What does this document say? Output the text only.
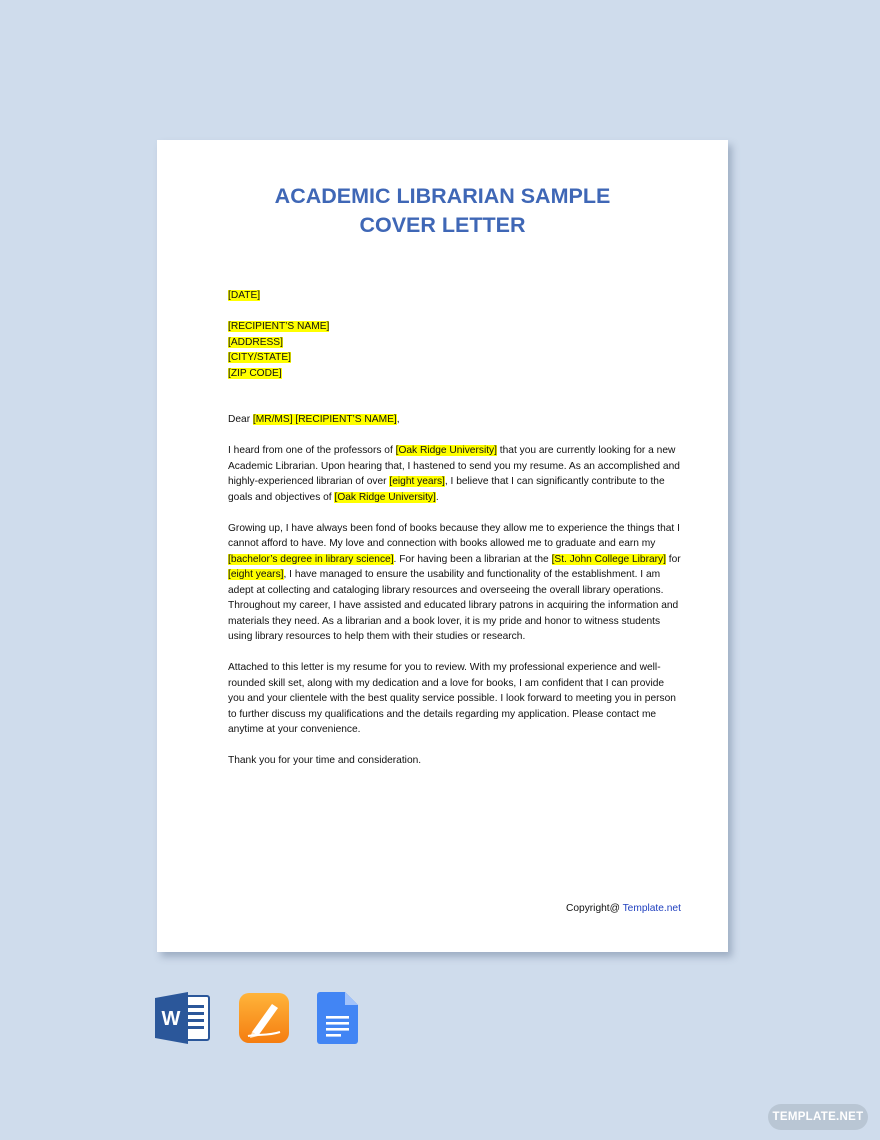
ACADEMIC LIBRARIAN SAMPLE
COVER LETTER

[DATE]

[RECIPIENT’S NAME]

[ADDRESS]

[CITY/STATE]

[ZIP CODE]

Dear [MR/MS] [RECIPIENT’S NAME],

I heard from one of the professors of [Oak Ridge University] that you are currently looking for a new Academic Librarian. Upon hearing that, I hastened to send you my resume. As an accomplished and highly-experienced librarian of over [eight years], I believe that I can significantly contribute to the goals and objectives of [Oak Ridge University].

Growing up, I have always been fond of books because they allow me to experience the things that I cannot afford to have. My love and connection with books allowed me to graduate and earn my [bachelor’s degree in library science]. For having been a librarian at the [St. John College Library] for [eight years], I have managed to ensure the usability and functionality of the establishment. I am adept at collecting and cataloging library resources and overseeing the overall library operations. Throughout my career, I have assisted and educated library patrons in acquiring the information and materials they need. As a librarian and a book lover, it is my pride and honor to witness students using library resources to help them with their studies or research.

Attached to this letter is my resume for you to review. With my professional experience and well-rounded skill set, along with my dedication and a love for books, I am confident that I can provide you and your clientele with the best quality service possible. I look forward to meeting you in person to further discuss my qualifications and the details regarding my application. Please contact me anytime at your convenience.

Thank you for your time and consideration.

Copyright@ Template.net
W
TEMPLATE.NET
